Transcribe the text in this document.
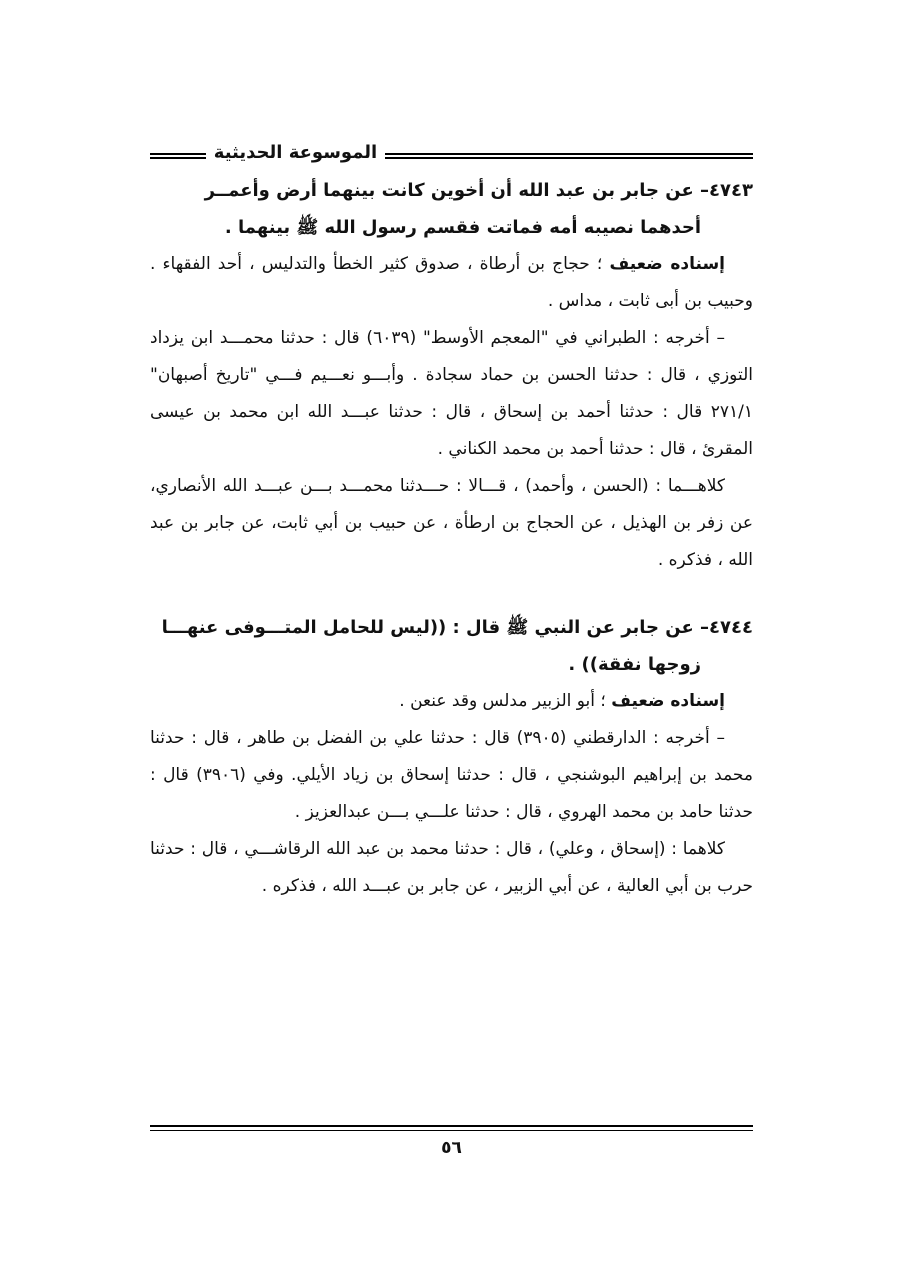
الموسوعة الحديثية
٤٧٤٣– عن جابر بن عبد الله أن أخوين كانت بينهما أرض وأعمــر
أحدهما نصيبه أمه فماتت فقسم رسول الله ﷺ بينهما .

إسناده ضعيف ؛ حجاج بن أرطاة ، صدوق كثير الخطأ والتدليس ، أحد الفقهاء . وحبيب بن أبى ثابت ، مداس .

– أخرجه : الطبراني في "المعجم الأوسط" (٦٠٣٩) قال : حدثنا محمـــد ابن يزداد التوزي ، قال : حدثنا الحسن بن حماد سجادة . وأبـــو نعـــيم فـــي "تاريخ أصبهان" ٢٧١/١ قال : حدثنا أحمد بن إسحاق ، قال : حدثنا عبـــد الله ابن محمد بن عيسى المقرئ ، قال : حدثنا أحمد بن محمد الكناني .

كلاهـــما : (الحسن ، وأحمد) ، قـــالا : حـــدثنا محمـــد بـــن عبـــد الله الأنصاري، عن زفر بن الهذيل ، عن الحجاج بن ارطأة ، عن حبيب بن أبي ثابت، عن جابر بن عبد الله ، فذكره .

٤٧٤٤– عن جابر عن النبي ﷺ قال : ((ليس للحامل المتـــوفى عنهـــا
زوجها نفقة)) .

إسناده ضعيف ؛ أبو الزبير مدلس وقد عنعن .

– أخرجه : الدارقطني (٣٩٠٥) قال : حدثنا علي بن الفضل بن طاهر ، قال : حدثنا محمد بن إبراهيم البوشنجي ، قال : حدثنا إسحاق بن زياد الأيلي. وفي (٣٩٠٦) قال : حدثنا حامد بن محمد الهروي ، قال : حدثنا علـــي بـــن عبدالعزيز .

كلاهما : (إسحاق ، وعلي) ، قال : حدثنا محمد بن عبد الله الرقاشـــي ، قال : حدثنا حرب بن أبي العالية ، عن أبي الزبير ، عن جابر بن عبـــد الله ، فذكره .

٥٦
